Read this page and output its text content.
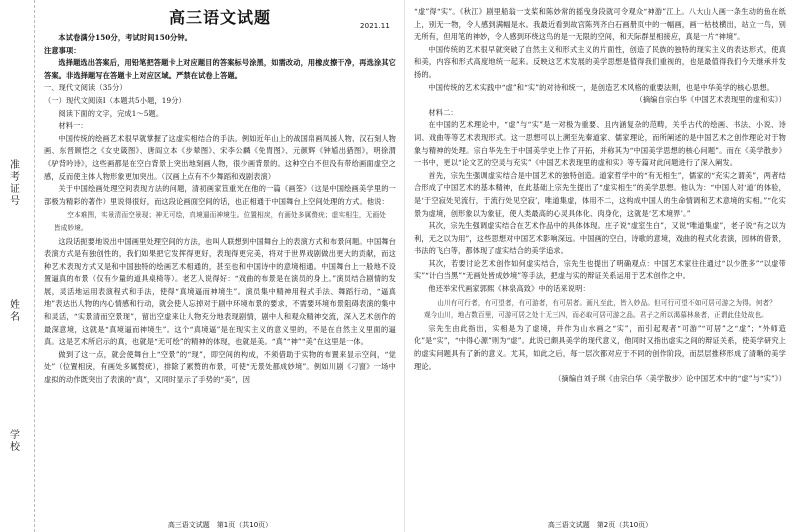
准考证号
姓名
学校
高三语文试题	2021.11

本试卷满分150分，考试时间150分钟。

注意事项：

选择题选出答案后，用铅笔把答题卡上对应题目的答案标号涂黑，如需改动，用橡皮擦干净，再选涂其它答案。非选择题写在答题卡上对应区域。严禁在试卷上答题。

一、现代文阅读（35分）

（一）现代文阅读Ⅰ（本题共5小题，19分）

阅读下面的文字，完成1～5题。

材料一：

中国传统的绘画艺术很早就掌握了这虚实相结合的手法。例如近年山上的战国帛画凤援人物、汉石刻人物画、东晋顾恺之《女史箴图》、唐阎立本《步辇图》、宋李公麟《免胄图》、元颜辉《钟馗出猎图》，明徐渭《驴背吟诗》，这些画都是在空白背景上突出地刻画人物，很少画背景的。这种空白不但没有带给画面虚空之感，反而使主体人物形象更加突出。（汉画上点有不少舞蹈和戏剧表演）

关于中国绘画处理空间表现方法的问题，清初画家笪重光在他的一篇《画筌》（这是中国绘画美学里的一部极为精彩的著作）里说得很好，而这段论画面空间的话，也正相通于中国舞台上空间处理的方式。他说：

空本难图，实景清而空景现；神无可绘，真境逼而神境生。位置相戾，有画处多属赘疣；虚实相生，无画处皆成妙境。

这段话扼要地说出中国画里处理空间的方法，也叫人联想到中国舞台上的表演方式和布景问题。中国舞台表演方式是有独创性的，我们如果把它发挥得更好，表现得更完美，将对于世界戏剧做出更大的贡献，而这种艺术表现方式又是和中国独特的绘画艺术相通的，甚至也和中国诗中的意境相通。中国舞台上一般地不设置逼真的布景（仅有少量的道具桌椅等）。老艺人说得好：“戏曲的布景是在演员的身上。”演员结合剧情的发展，灵活地运用表演程式和手法，使得“真境逼而神境生”。演员集中精神用程式手法、舞蹈行动，“逼真地”表达出人物的内心情感和行动，就会使人忘掉对于剧中环境布景的要求，不需要环境布景阻碍表演的集中和灵活，“实景清而空景现”，留出空虚来让人物充分地表现剧情，剧中人和观众精神交流，深入艺术创作的最深意境，这就是“真境逼而神境生”。这个“真境逼”是在现实主义的意义里的，不是在自然主义里面的逼真。这是艺术所启示的真，也就是“无可绘”的精神的体现，也就是美。“真”“神”“美”在这里是一体。

做到了这一点，就会使舞台上“空景”的“现”，即空间的构成，不须借助于实物的布置来显示空间，“觉处”（位置相戾，有画处多属赘疣），排除了累赘的布景，可使“无景处都成妙境”。例如川剧《刁窗》一场中虚拟的动作既突出了表演的“真”，又同时显示了手势的“美”，因

“虚”得“实”。《秋江》剧里船翁一支桨和陈妙常的摇曳身段就可令观众“神游”江上。八大山人画一条生动的鱼在纸上，别无一物，令人感到满幅是水。我最近看到故宫陈列齐白石画册页中的一幅画，画一枯枝横出，站立一鸟，别无所有，但用笔的神妙，令人感到环绕这鸟的是一无限的空间，和天际群星相接应，真是一片“神境”。

中国传统的艺术很早就突破了自然主义和形式主义的片面性，创造了民族的独特的现实主义的表达形式，使真和美，内容和形式高度地统一起来。反映这艺术发展的美学思想是值得我们重视的，也是最值得我们今天继承并发扬的。

中国传统的艺术实践中“虚”和“实”的对待和统一，是创造艺术风格的重要法则，也是中华美学的核心思想。

（摘编自宗白华《中国艺术表现里的虚和实》）

材料二：

在中国的艺术理论中，“虚”与“实”是一对极为重要、且内涵复杂的范畴，关乎古代的绘画、书法、小说、诗词、戏曲等等艺术表现形式。这一思想可以上溯至先秦道家、儒家理论，而所阐述的是中国艺术之创作理论对于物象与精神的处理。宗白华先生于中国美学史上作了开拓，并称其为“中国美学思想的核心问题”。而在《美学散步》一书中，更以“论文艺的空灵与充实”《中国艺术表现里的虚和实》等专篇对此问题进行了深入阐发。

首先，宗先生强调虚实结合是中国艺术的独特创造。道家哲学中的“有无相生”，儒家的“充实之谓美”，两者结合形成了中国艺术的基本精神，在此基础上宗先生提出了“虚实相生”的美学思想。他认为：“中国人对‘道’的体验，是‘于空寂处见流行，于流行处见空寂’，唯道集虚，体用不二，这构成中国人的生命情调和艺术意境的实相。”“化实景为虚境，创形象以为象征，使人类最高的心灵具体化、肉身化，这就是‘艺术境界’。”

其次，宗先生强调虚实结合在艺术作品中的具体体现。庄子说“虚室生白”，又说“唯道集虚”，老子说“有之以为利，无之以为用”，这些思想对中国艺术影响深远。中国画的空白，诗歌的意境，戏曲的程式化表演，园林的借景，书法的飞白等，都体现了虚实结合的美学追求。

其次，若要讨论艺术创作如何虚实结合，宗先生也提出了明确观点：中国艺术家往往通过“以少胜多”“以虚带实”“计白当黑”“无画处皆成妙境”等手法，把虚与实的辩证关系运用于艺术创作之中。

他还举宋代画家郭熙《林泉高致》中的话来说明：

山川有可行者，有可望者，有可游者，有可居者。画凡至此，皆入妙品。但可行可望不如可居可游之为得。何者？观今山川，地占数百里，可游可居之处十无三四，而必取可居可游之品。君子之所以渴慕林泉者，正谓此佳处故也。

宗先生由此指出，实相是为了虚境，并作为山水画之“实”，而引起观者“可游”“可居”之“虚”；“外师造化”是“实”，“中得心源”则为“虚”。此说已颇具美学的现代意义，他同时又指出虚实之间的辩证关系，使美学研究上的虚实问题具有了新的意义。尤其，如此之后，每一层次都对应于不同的创作阶段，而层层推移形成了清晰的美学理论。

（摘编自刘子琪《由宗白华〈美学散步〉论中国艺术中的“虚”与“实”》）

高三语文试题　第1页（共10页）	高三语文试题　第2页（共10页）
